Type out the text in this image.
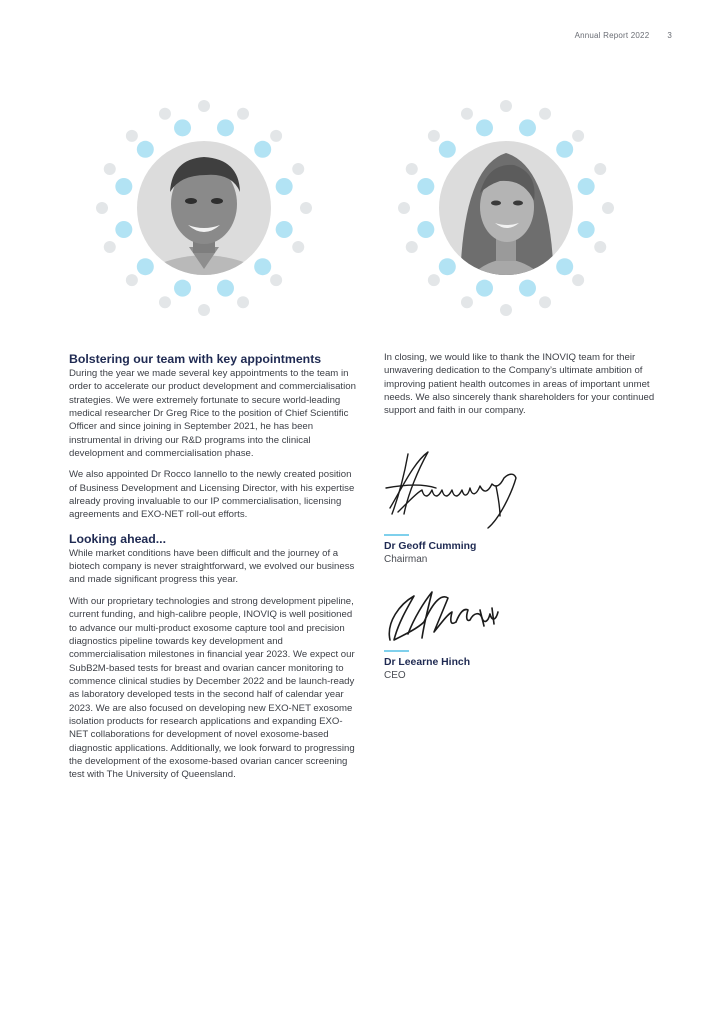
Annual Report 2022 3
Bolstering our team with key appointments

During the year we made several key appointments to the team in order to accelerate our product development and commercialisation strategies. We were extremely fortunate to secure world-leading medical researcher Dr Greg Rice to the position of Chief Scientific Officer and since joining in September 2021, he has been instrumental in driving our R&D programs into the clinical development and commercialisation phase.

We also appointed Dr Rocco Iannello to the newly created position of Business Development and Licensing Director, with his expertise already proving invaluable to our IP commercialisation, licensing agreements and EXO-NET roll-out efforts.

Looking ahead...

While market conditions have been difficult and the journey of a biotech company is never straightforward, we evolved our business and made significant progress this year.

With our proprietary technologies and strong development pipeline, current funding, and high-calibre people, INOVIQ is well positioned to advance our multi-product exosome capture tool and precision diagnostics pipeline towards key development and commercialisation milestones in financial year 2023. We expect our SubB2M-based tests for breast and ovarian cancer monitoring to commence clinical studies by December 2022 and be launch-ready as laboratory developed tests in the second half of calendar year 2023. We are also focused on developing new EXO-NET exosome isolation products for research applications and expanding EXO-NET collaborations for development of novel exosome-based diagnostic applications. Additionally, we look forward to progressing the development of the exosome-based ovarian cancer screening test with The University of Queensland.

In closing, we would like to thank the INOVIQ team for their unwavering dedication to the Company’s ultimate ambition of improving patient health outcomes in areas of important unmet needs. We also sincerely thank shareholders for your continued support and faith in our company.

Dr Geoff Cumming
Chairman
Dr Leearne Hinch
CEO
